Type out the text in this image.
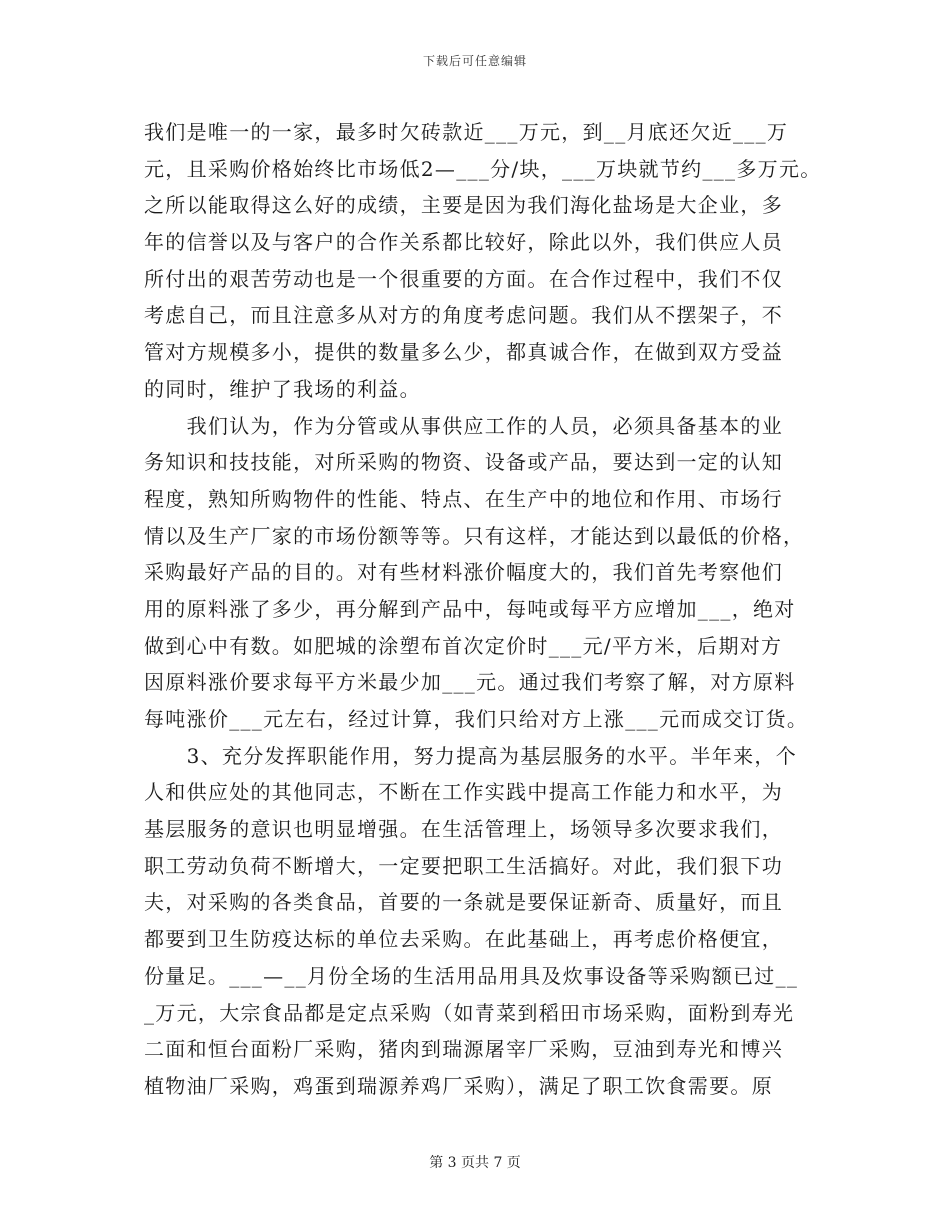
下载后可任意编辑
我们是唯一的一家，最多时欠砖款近___万元，到__月底还欠近___万
元，且采购价格始终比市场低2—___分/块，___万块就节约___多万元。
之所以能取得这么好的成绩，主要是因为我们海化盐场是大企业，多
年的信誉以及与客户的合作关系都比较好，除此以外，我们供应人员
所付出的艰苦劳动也是一个很重要的方面。在合作过程中，我们不仅
考虑自己，而且注意多从对方的角度考虑问题。我们从不摆架子，不
管对方规模多小，提供的数量多么少，都真诚合作，在做到双方受益
的同时，维护了我场的利益。
　　我们认为，作为分管或从事供应工作的人员，必须具备基本的业
务知识和技技能，对所采购的物资、设备或产品，要达到一定的认知
程度，熟知所购物件的性能、特点、在生产中的地位和作用、市场行
情以及生产厂家的市场份额等等。只有这样，才能达到以最低的价格，
采购最好产品的目的。对有些材料涨价幅度大的，我们首先考察他们
用的原料涨了多少，再分解到产品中，每吨或每平方应增加___，绝对
做到心中有数。如肥城的涂塑布首次定价时___元/平方米，后期对方
因原料涨价要求每平方米最少加___元。通过我们考察了解，对方原料
每吨涨价___元左右，经过计算，我们只给对方上涨___元而成交订货。
　　3、充分发挥职能作用，努力提高为基层服务的水平。半年来，个
人和供应处的其他同志，不断在工作实践中提高工作能力和水平，为
基层服务的意识也明显增强。在生活管理上，场领导多次要求我们，
职工劳动负荷不断增大，一定要把职工生活搞好。对此，我们狠下功
夫，对采购的各类食品，首要的一条就是要保证新奇、质量好，而且
都要到卫生防疫达标的单位去采购。在此基础上，再考虑价格便宜，
份量足。___—__月份全场的生活用品用具及炊事设备等采购额已过__
_万元，大宗食品都是定点采购（如青菜到稻田市场采购，面粉到寿光
二面和恒台面粉厂采购，猪肉到瑞源屠宰厂采购，豆油到寿光和博兴
植物油厂采购，鸡蛋到瑞源养鸡厂采购），满足了职工饮食需要。原
第 3 页共 7 页
